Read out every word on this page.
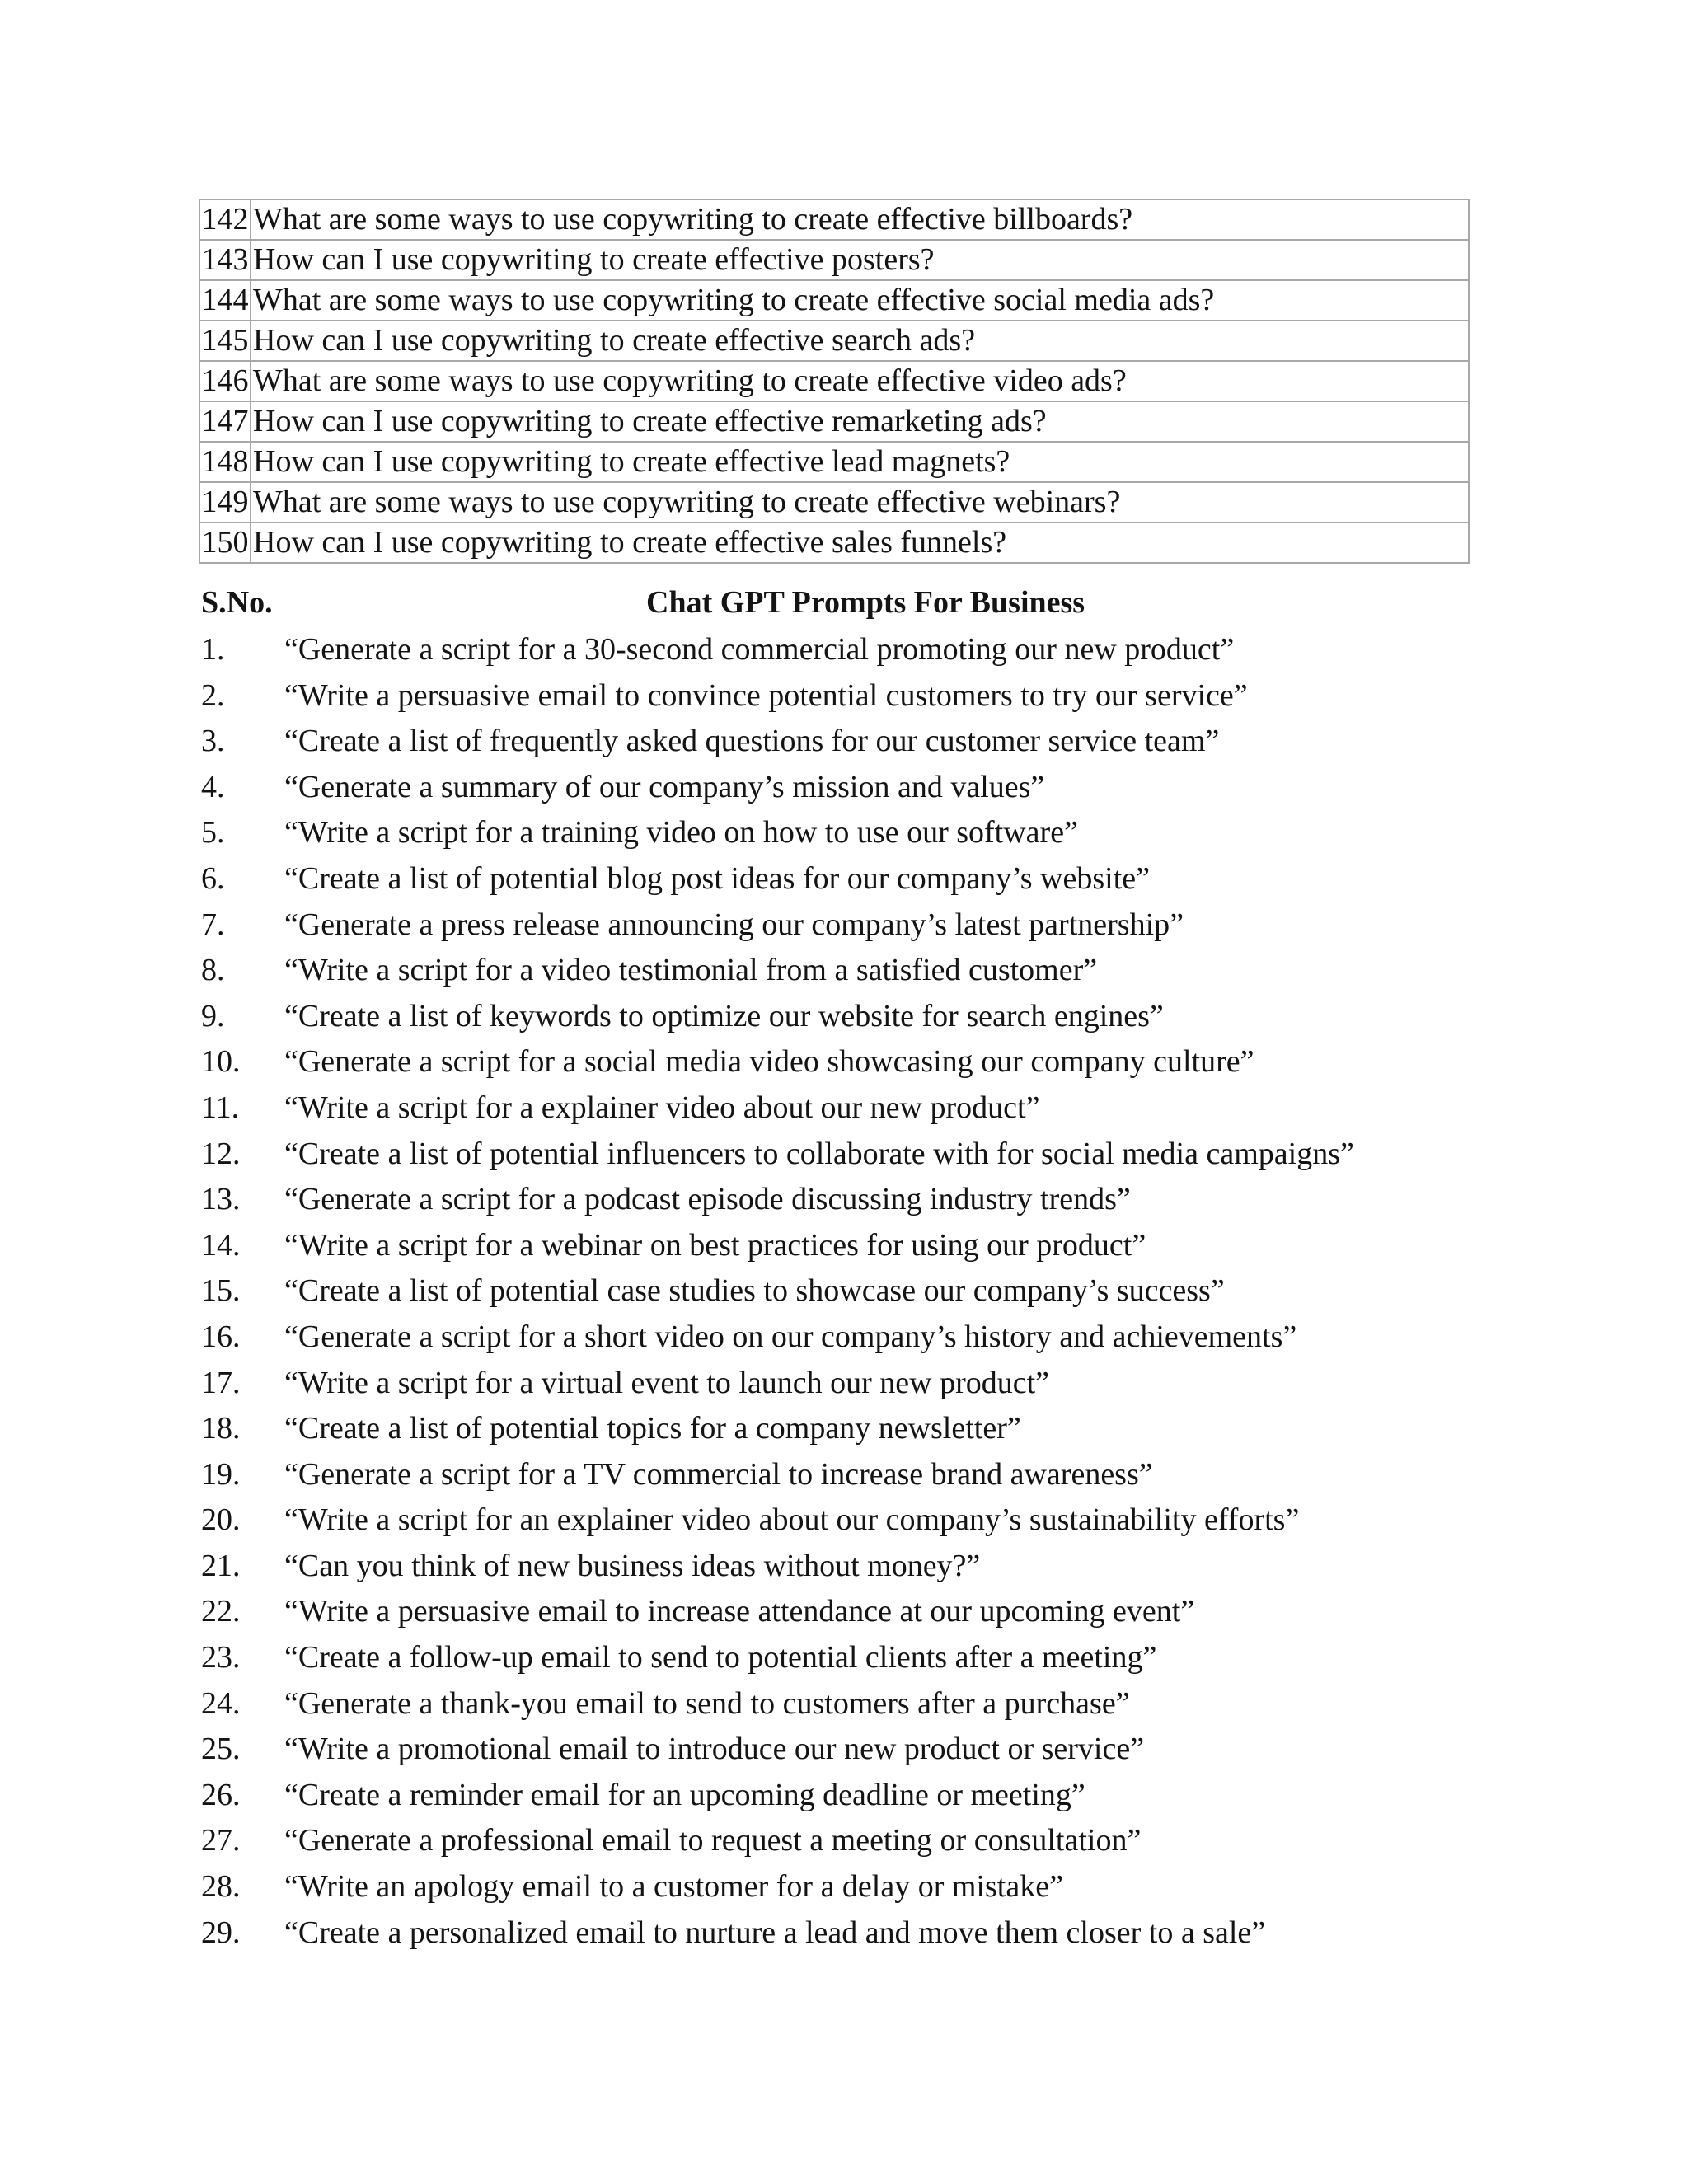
142	What are some ways to use copywriting to create effective billboards?
143	How can I use copywriting to create effective posters?
144	What are some ways to use copywriting to create effective social media ads?
145	How can I use copywriting to create effective search ads?
146	What are some ways to use copywriting to create effective video ads?
147	How can I use copywriting to create effective remarketing ads?
148	How can I use copywriting to create effective lead magnets?
149	What are some ways to use copywriting to create effective webinars?
150	How can I use copywriting to create effective sales funnels?
S.No.	Chat GPT Prompts For Business
1.	“Generate a script for a 30-second commercial promoting our new product”
2.	“Write a persuasive email to convince potential customers to try our service”
3.	“Create a list of frequently asked questions for our customer service team”
4.	“Generate a summary of our company’s mission and values”
5.	“Write a script for a training video on how to use our software”
6.	“Create a list of potential blog post ideas for our company’s website”
7.	“Generate a press release announcing our company’s latest partnership”
8.	“Write a script for a video testimonial from a satisfied customer”
9.	“Create a list of keywords to optimize our website for search engines”
10.	“Generate a script for a social media video showcasing our company culture”
11.	“Write a script for a explainer video about our new product”
12.	“Create a list of potential influencers to collaborate with for social media campaigns”
13.	“Generate a script for a podcast episode discussing industry trends”
14.	“Write a script for a webinar on best practices for using our product”
15.	“Create a list of potential case studies to showcase our company’s success”
16.	“Generate a script for a short video on our company’s history and achievements”
17.	“Write a script for a virtual event to launch our new product”
18.	“Create a list of potential topics for a company newsletter”
19.	“Generate a script for a TV commercial to increase brand awareness”
20.	“Write a script for an explainer video about our company’s sustainability efforts”
21.	“Can you think of new business ideas without money?”
22.	“Write a persuasive email to increase attendance at our upcoming event”
23.	“Create a follow-up email to send to potential clients after a meeting”
24.	“Generate a thank-you email to send to customers after a purchase”
25.	“Write a promotional email to introduce our new product or service”
26.	“Create a reminder email for an upcoming deadline or meeting”
27.	“Generate a professional email to request a meeting or consultation”
28.	“Write an apology email to a customer for a delay or mistake”
29.	“Create a personalized email to nurture a lead and move them closer to a sale”
